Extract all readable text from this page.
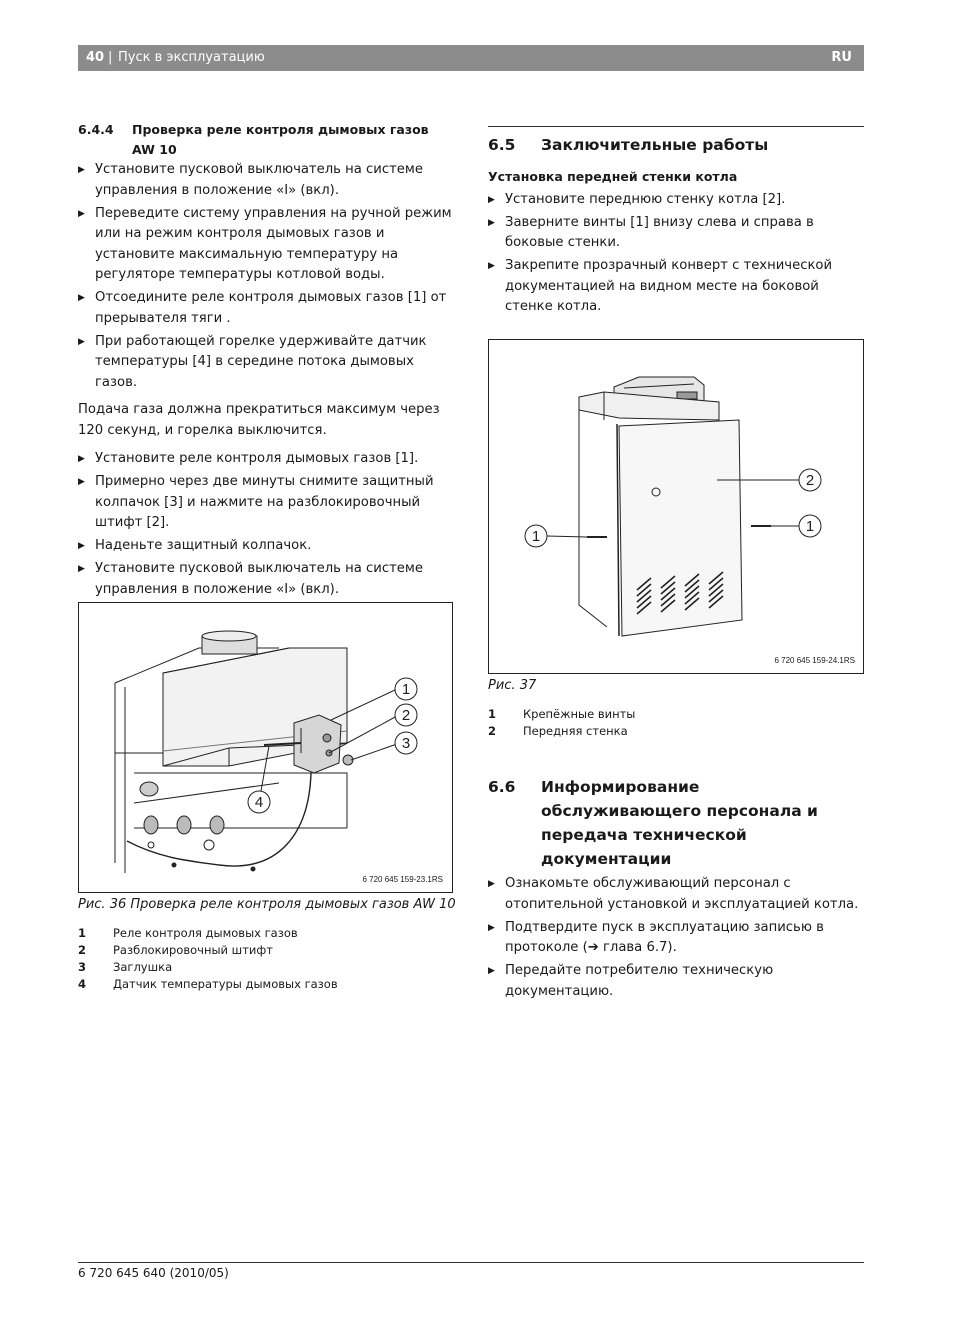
40 | Пуск в эксплуатацию	RU
6.4.4	Проверка реле контроля дымовых газов AW 10
▶ Установите пусковой выключатель на системе управления в положение «I» (вкл).
▶ Переведите систему управления на ручной режим или на режим контроля дымовых газов и установите максимальную температуру на регуляторе температуры котловой воды.
▶ Отсоедините реле контроля дымовых газов [1] от прерывателя тяги .
▶ При работающей горелке удерживайте датчик температуры [4] в середине потока дымовых газов.

Подача газа должна прекратиться максимум через 120 секунд, и горелка выключится.

▶ Установите реле контроля дымовых газов [1].
▶ Примерно через две минуты снимите защитный колпачок [3] и нажмите на разблокировочный штифт [2].
▶ Наденьте защитный колпачок.
▶ Установите пусковой выключатель на системе управления в положение «I» (вкл).
1
2
3
4
6 720 645 159-23.1RS
Рис. 36 Проверка реле контроля дымовых газов AW 10
1	Реле контроля дымовых газов
2	Разблокировочный штифт
3	Заглушка
4	Датчик температуры дымовых газов
6.5	Заключительные работы
Установка передней стенки котла
▶ Установите переднюю стенку котла [2].
▶ Заверните винты [1] внизу слева и справа в боковые стенки.
▶ Закрепите прозрачный конверт с технической документацией на видном месте на боковой стенке котла.
1
2
1
6 720 645 159-24.1RS
Рис. 37
1	Крепёжные винты
2	Передняя стенка
6.6	Информирование обслуживающего персонала и передача технической документации
▶ Ознакомьте обслуживающий персонал с отопительной установкой и эксплуатацией котла.
▶ Подтвердите пуск в эксплуатацию записью в протоколе (➔ глава 6.7).
▶ Передайте потребителю техническую документацию.
6 720 645 640 (2010/05)
